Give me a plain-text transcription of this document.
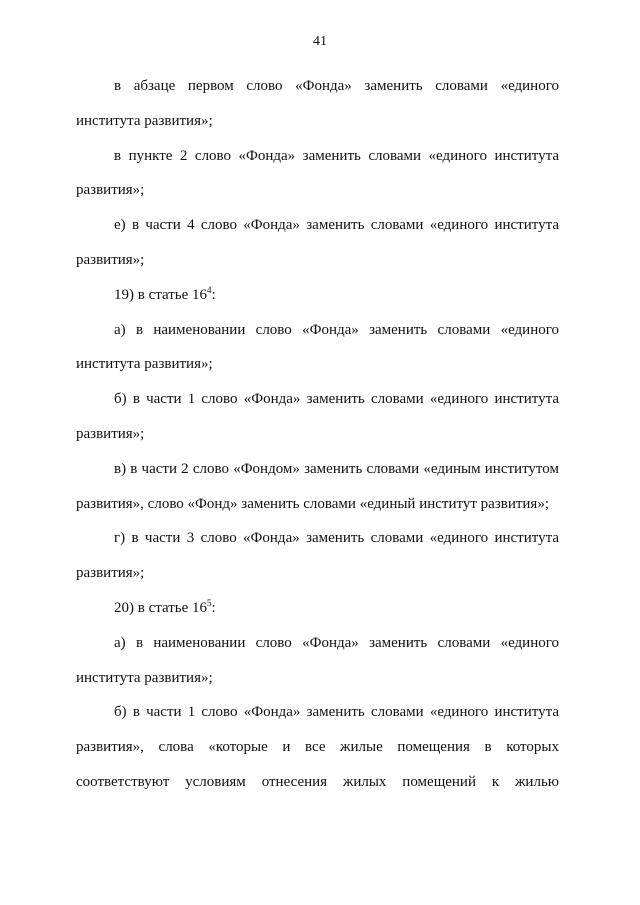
41

в абзаце первом слово «Фонда» заменить словами «единого института развития»;

в пункте 2 слово «Фонда» заменить словами «единого института развития»;

е) в части 4 слово «Фонда» заменить словами «единого института развития»;

19) в статье $16^4$:

а) в наименовании слово «Фонда» заменить словами «единого института развития»;

б) в части 1 слово «Фонда» заменить словами «единого института развития»;

в) в части 2 слово «Фондом» заменить словами «единым институтом развития», слово «Фонд» заменить словами «единый институт развития»;

г) в части 3 слово «Фонда» заменить словами «единого института развития»;

20) в статье $16^5$:

а) в наименовании слово «Фонда» заменить словами «единого института развития»;

б) в части 1 слово «Фонда» заменить словами «единого института развития», слова «которые и все жилые помещения в которых соответствуют условиям отнесения жилых помещений к жилью
